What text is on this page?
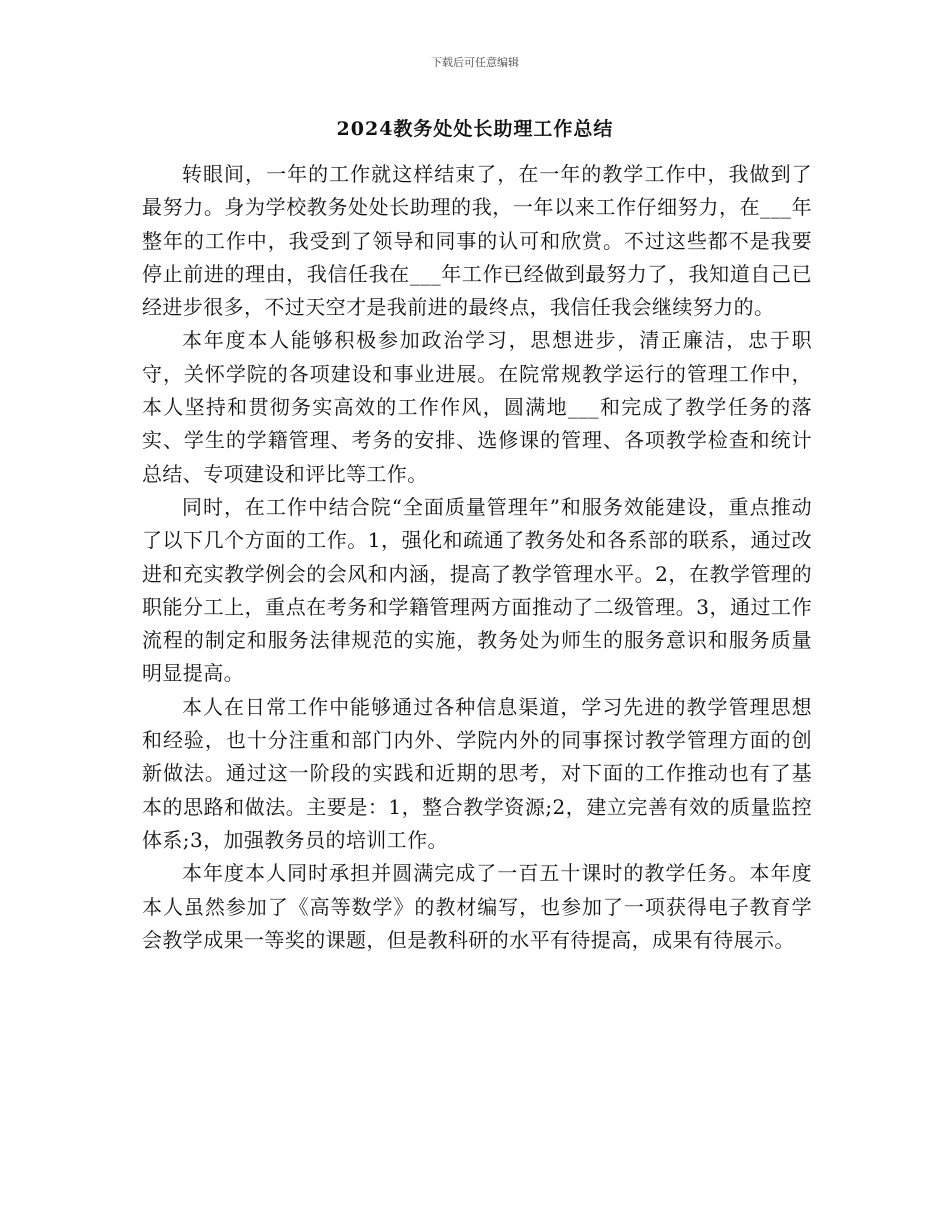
下载后可任意编辑
2024教务处处长助理工作总结

转眼间，一年的工作就这样结束了，在一年的教学工作中，我做到了最努力。身为学校教务处处长助理的我，一年以来工作仔细努力，在___年整年的工作中，我受到了领导和同事的认可和欣赏。不过这些都不是我要停止前进的理由，我信任我在___年工作已经做到最努力了，我知道自己已经进步很多，不过天空才是我前进的最终点，我信任我会继续努力的。

本年度本人能够积极参加政治学习，思想进步，清正廉洁，忠于职守，关怀学院的各项建设和事业进展。在院常规教学运行的管理工作中，本人坚持和贯彻务实高效的工作作风，圆满地___和完成了教学任务的落实、学生的学籍管理、考务的安排、选修课的管理、各项教学检查和统计总结、专项建设和评比等工作。

同时，在工作中结合院“全面质量管理年”和服务效能建设，重点推动了以下几个方面的工作。1，强化和疏通了教务处和各系部的联系，通过改进和充实教学例会的会风和内涵，提高了教学管理水平。2，在教学管理的职能分工上，重点在考务和学籍管理两方面推动了二级管理。3，通过工作流程的制定和服务法律规范的实施，教务处为师生的服务意识和服务质量明显提高。

本人在日常工作中能够通过各种信息渠道，学习先进的教学管理思想和经验，也十分注重和部门内外、学院内外的同事探讨教学管理方面的创新做法。通过这一阶段的实践和近期的思考，对下面的工作推动也有了基本的思路和做法。主要是：1，整合教学资源;2，建立完善有效的质量监控体系;3，加强教务员的培训工作。

本年度本人同时承担并圆满完成了一百五十课时的教学任务。本年度本人虽然参加了《高等数学》的教材编写，也参加了一项获得电子教育学会教学成果一等奖的课题，但是教科研的水平有待提高，成果有待展示。
